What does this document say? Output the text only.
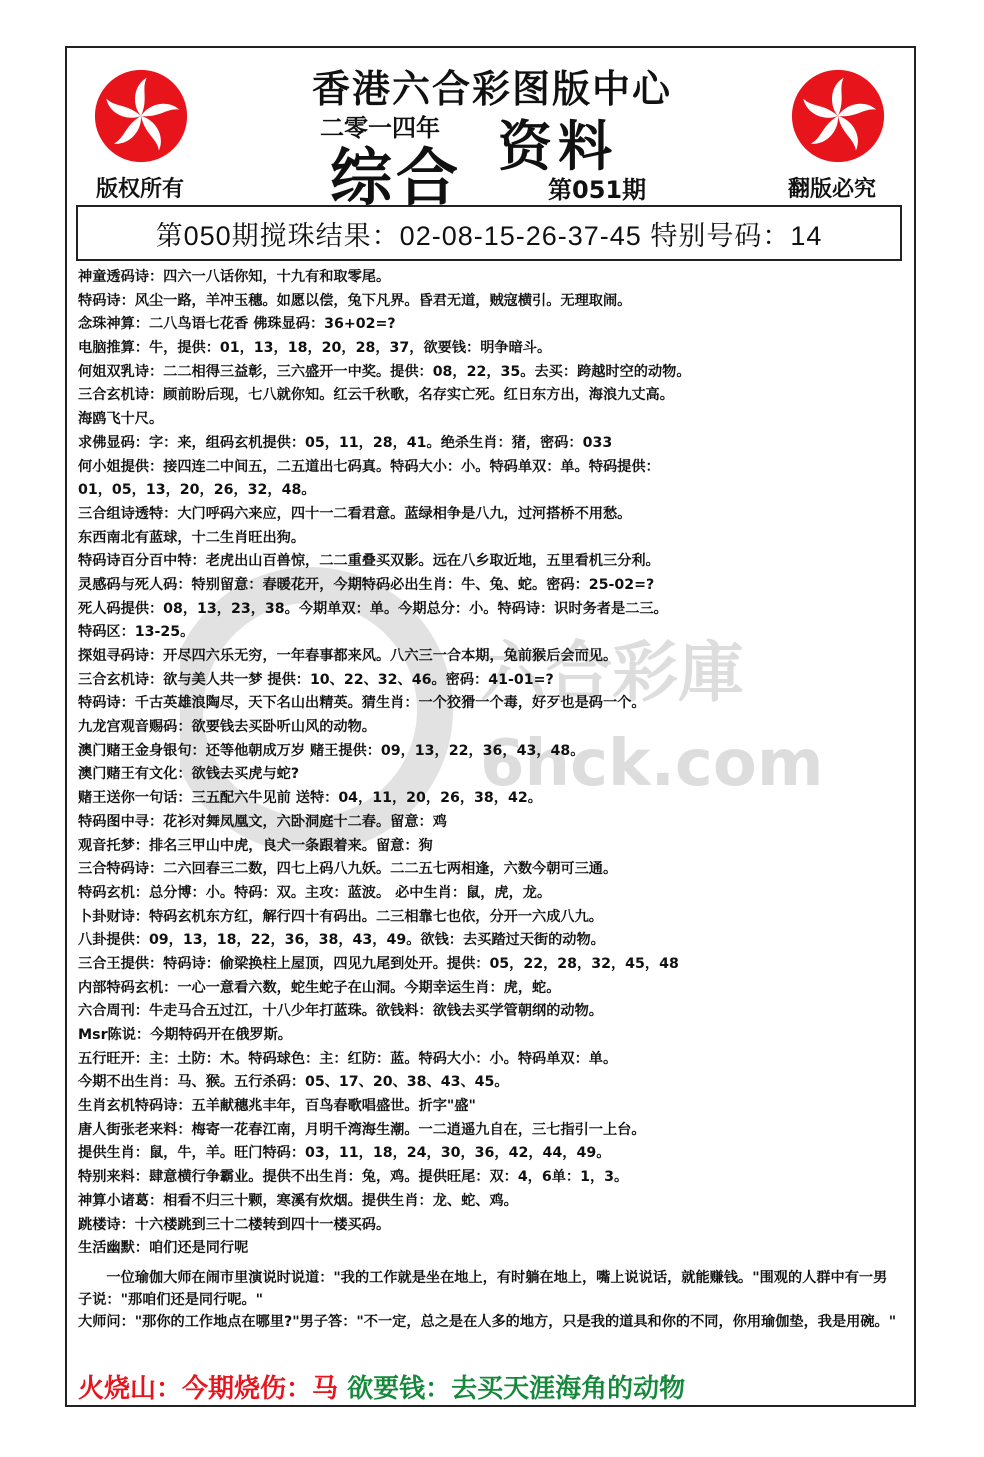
香港六合彩图版中心
二零一四年 资料
综合
版权所有	翻版必究
第051期
第050期搅珠结果：02-08-15-26-37-45 特别号码：14
六合彩庫
6hck.com
神童透码诗：四六一八话你知，十九有和取零尾。
特码诗：风尘一路，羊冲玉穗。如愿以偿，兔下凡界。昏君无道，贼寇横引。无理取闹。
念珠神算：二八鸟语七花香 佛珠显码：36+02=?
电脑推算：牛，提供：01，13，18，20，28，37，欲要钱：明争暗斗。
何姐双乳诗：二二相得三益彰，三六盛开一中奖。提供：08，22，35。去买：跨越时空的动物。
三合玄机诗：顾前盼后现，七八就你知。红云千秋歌，名存实亡死。红日东方出，海浪九丈高。
海鸥飞十尺。
求佛显码：字：来，组码玄机提供：05，11，28，41。绝杀生肖：猪，密码：033
何小姐提供：接四连二中间五，二五道出七码真。特码大小：小。特码单双：单。特码提供：
01，05，13，20，26，32，48。
三合组诗透特：大门呼码六来应，四十一二看君意。蓝绿相争是八九，过河搭桥不用愁。
东西南北有蓝球，十二生肖旺出狗。
特码诗百分百中特：老虎出山百兽惊，二二重叠买双影。远在八乡取近地，五里看机三分利。
灵感码与死人码：特别留意：春暖花开，今期特码必出生肖：牛、兔、蛇。密码：25-02=?
死人码提供：08，13，23，38。今期单双：单。今期总分：小。特码诗：识时务者是二三。
特码区：13-25。
探姐寻码诗：开尽四六乐无穷，一年春事都来风。八六三一合本期，兔前猴后会而见。
三合玄机诗：欲与美人共一梦 提供：10、22、32、46。密码：41-01=?
特码诗：千古英雄浪陶尽，天下名山出精英。猜生肖：一个狡猾一个毒，好歹也是码一个。
九龙宫观音赐码：欲要钱去买卧听山风的动物。
澳门赌王金身银句：还等他朝成万岁 赌王提供：09，13，22，36，43，48。
澳门赌王有文化：欲钱去买虎与蛇?
赌王送你一句话：三五配六牛见前 送特：04，11，20，26，38，42。
特码图中寻：花衫对舞凤凰文，六卧洞庭十二春。留意：鸡
观音托梦：排名三甲山中虎，良犬一条跟着来。留意：狗
三合特码诗：二六回春三二数，四七上码八九妖。二二五七两相逢，六数今朝可三通。
特码玄机：总分博：小。特码：双。主攻：蓝波。 必中生肖：鼠，虎，龙。
卜卦财诗：特码玄机东方红，解行四十有码出。二三相靠七也依，分开一六成八九。
八卦提供：09，13，18，22，36，38，43，49。欲钱：去买踏过天街的动物。
三合王提供：特码诗：偷梁换柱上屋顶，四见九尾到处开。提供：05，22，28，32，45，48
内部特码玄机：一心一意看六数，蛇生蛇子在山洞。今期幸运生肖：虎，蛇。
六合周刊：牛走马合五过江，十八少年打蓝珠。欲钱料：欲钱去买学管朝纲的动物。
Msr陈说：今期特码开在俄罗斯。
五行旺开：主：土防：木。特码球色：主：红防：蓝。特码大小：小。特码单双：单。
今期不出生肖：马、猴。五行杀码：05、17、20、38、43、45。
生肖玄机特码诗：五羊献穗兆丰年，百鸟春歌唱盛世。折字"盛"
唐人街张老来料：梅寄一花春江南，月明千湾海生潮。一二逍遥九自在，三七指引一上台。
提供生肖：鼠，牛，羊。旺门特码：03，11，18，24，30，36，42，44，49。
特别来料：肆意横行争霸业。提供不出生肖：兔，鸡。提供旺尾：双：4，6单：1，3。
神算小诸葛：相看不归三十颗，寒溪有炊烟。提供生肖：龙、蛇、鸡。
跳楼诗：十六楼跳到三十二楼转到四十一楼买码。
生活幽默：咱们还是同行呢

　　一位瑜伽大师在闹市里演说时说道："我的工作就是坐在地上，有时躺在地上，嘴上说说话，就能赚钱。"围观的人群中有一男子说："那咱们还是同行呢。"

大师问："那你的工作地点在哪里?"男子答："不一定，总之是在人多的地方，只是我的道具和你的不同，你用瑜伽垫，我是用碗。"

火烧山：今期烧伤：马 欲要钱：去买天涯海角的动物
